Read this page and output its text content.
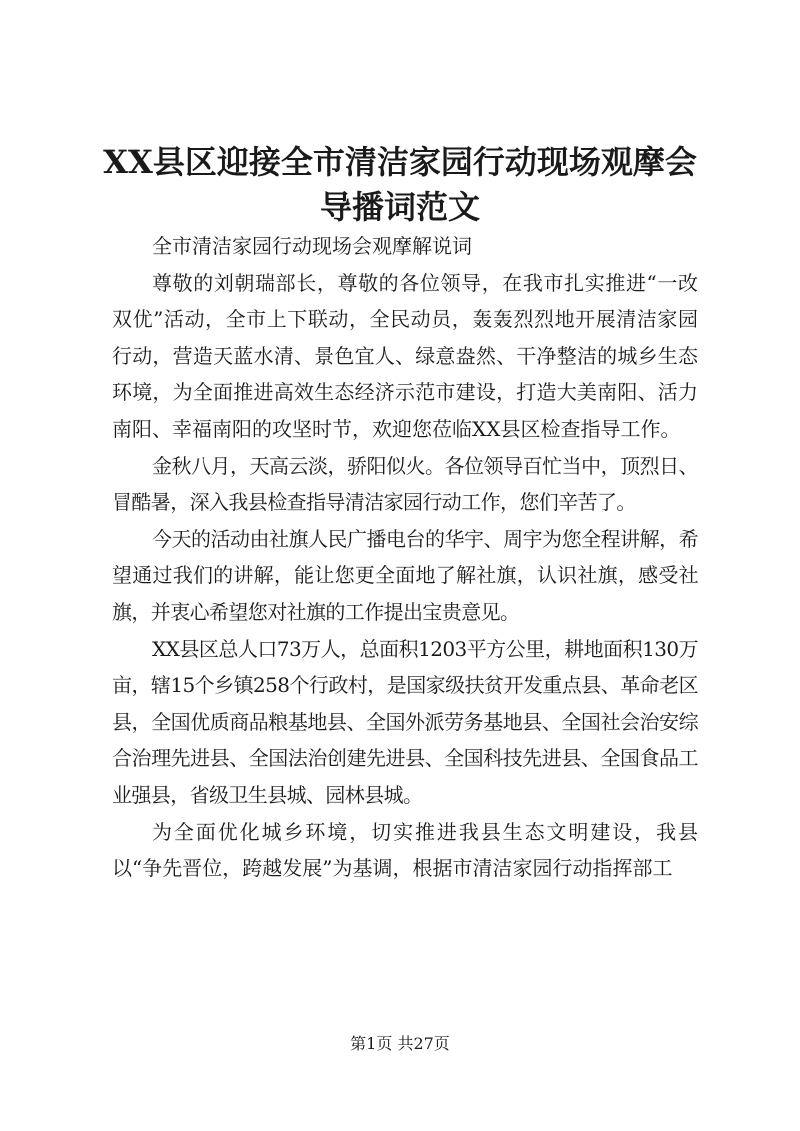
XX县区迎接全市清洁家园行动现场观摩会导播词范文

全市清洁家园行动现场会观摩解说词

尊敬的刘朝瑞部长，尊敬的各位领导，在我市扎实推进“一改双优”活动，全市上下联动，全民动员，轰轰烈烈地开展清洁家园行动，营造天蓝水清、景色宜人、绿意盎然、干净整洁的城乡生态环境，为全面推进高效生态经济示范市建设，打造大美南阳、活力南阳、幸福南阳的攻坚时节，欢迎您莅临XX县区检查指导工作。

金秋八月，天高云淡，骄阳似火。各位领导百忙当中，顶烈日、冒酷暑，深入我县检查指导清洁家园行动工作，您们辛苦了。

今天的活动由社旗人民广播电台的华宇、周宇为您全程讲解，希望通过我们的讲解，能让您更全面地了解社旗，认识社旗，感受社旗，并衷心希望您对社旗的工作提出宝贵意见。

XX县区总人口73万人，总面积1203平方公里，耕地面积130万亩，辖15个乡镇258个行政村，是国家级扶贫开发重点县、革命老区县，全国优质商品粮基地县、全国外派劳务基地县、全国社会治安综合治理先进县、全国法治创建先进县、全国科技先进县、全国食品工业强县，省级卫生县城、园林县城。

为全面优化城乡环境，切实推进我县生态文明建设，我县以“争先晋位，跨越发展”为基调，根据市清洁家园行动指挥部工

第1页 共27页
